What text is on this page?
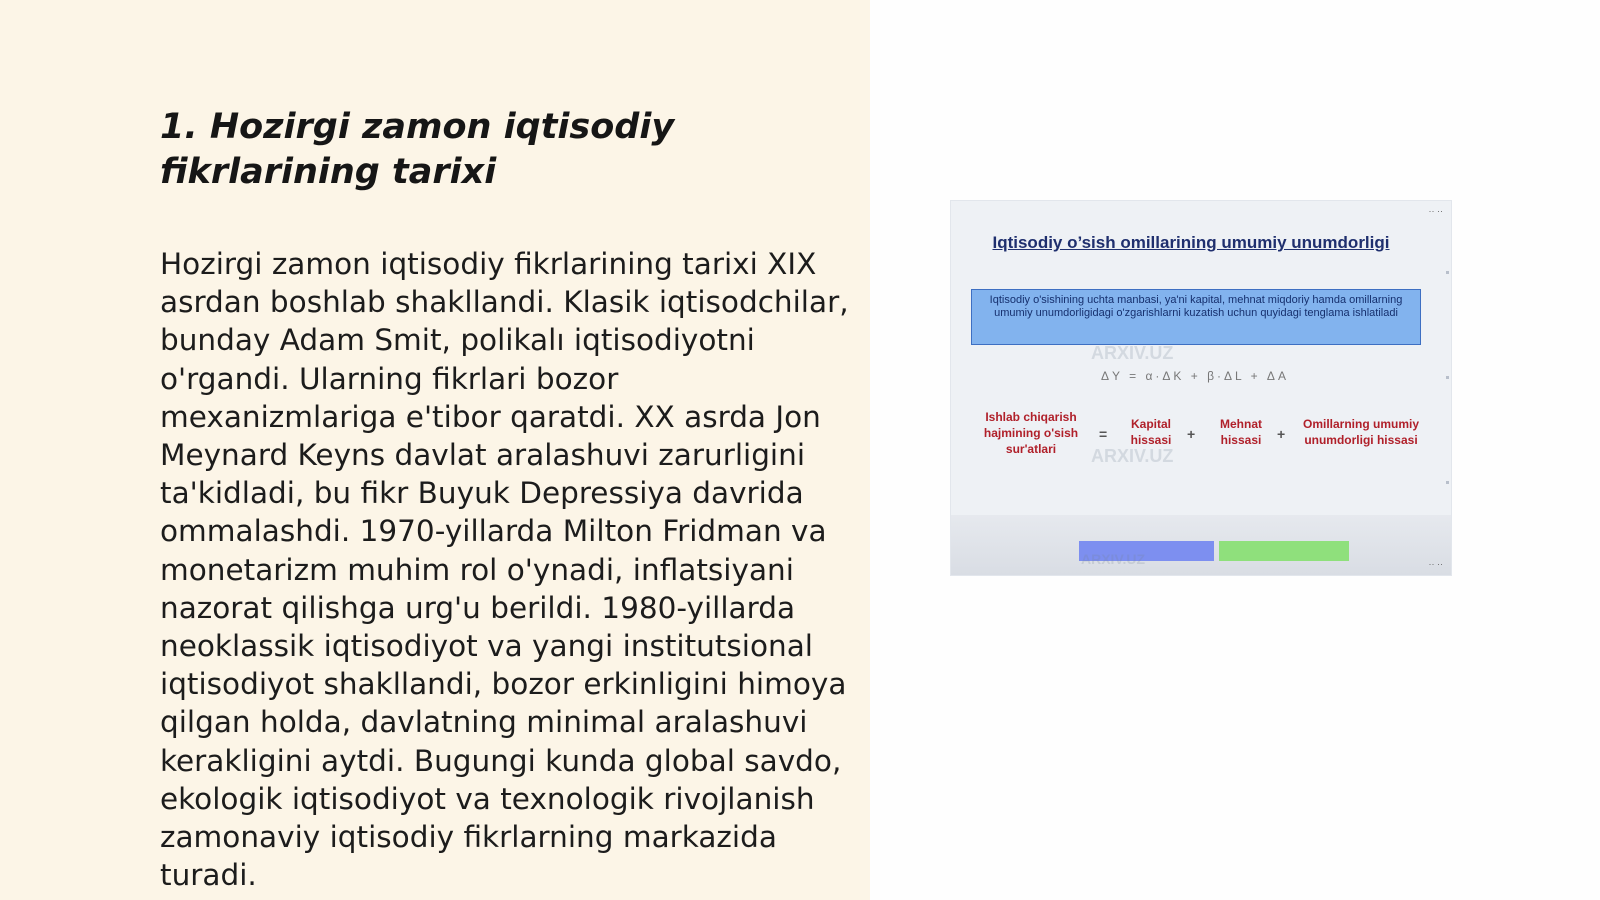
1. Hozirgi zamon iqtisodiy fikrlarining tarixi

Hozirgi zamon iqtisodiy fikrlarining tarixi XIX asrdan boshlab shakllandi. Klasik iqtisodchilar, bunday Adam Smit, polikalı iqtisodiyotni o'rgandi. Ularning fikrlari bozor mexanizmlariga e'tibor qaratdi. XX asrda Jon Meynard Keyns davlat aralashuvi zarurligini ta'kidladi, bu fikr Buyuk Depressiya davrida ommalashdi. 1970-yillarda Milton Fridman va monetarizm muhim rol o'ynadi, inflatsiyani nazorat qilishga urg'u berildi. 1980-yillarda neoklassik iqtisodiyot va yangi institutsional iqtisodiyot shakllandi, bozor erkinligini himoya qilgan holda, davlatning minimal aralashuvi kerakligini aytdi. Bugungi kunda global savdo, ekologik iqtisodiyot va texnologik rivojlanish zamonaviy iqtisodiy fikrlarning markazida turadi.

·· ··
Iqtisodiy o’sish omillarining umumiy unumdorligi
Iqtisodiy o'sishining uchta manbasi, ya'ni kapital, mehnat miqdoriy hamda omillarning umumiy unumdorligidagi o'zgarishlarni kuzatish uchun quyidagi tenglama ishlatiladi
ARXIV.UZ
ΔY = α·ΔK + β·ΔL + ΔA
Ishlab chiqarish hajmining o'sish sur'atlari
=
Kapital hissasi	+
Mehnat hissasi	+
Omillarning umumiy unumdorligi hissasi
ARXIV.UZ
ARXIV.UZ	·· ··
